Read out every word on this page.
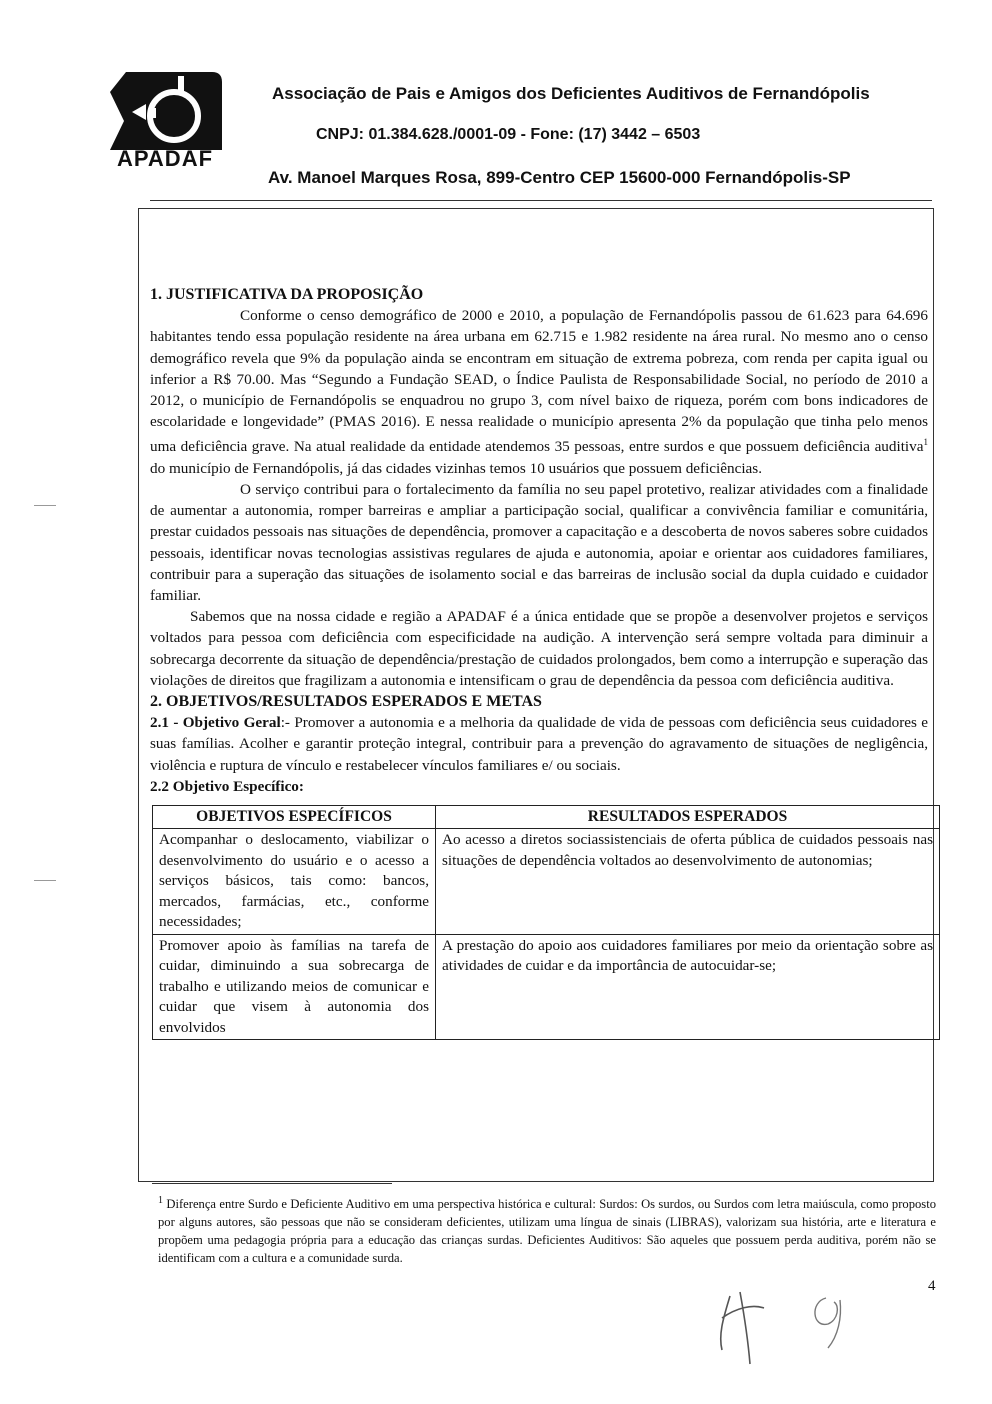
APADAF
Associação de Pais e Amigos dos Deficientes Auditivos de Fernandópolis
CNPJ: 01.384.628./0001-09 - Fone: (17) 3442 – 6503
Av. Manoel Marques Rosa, 899-Centro CEP 15600-000 Fernandópolis-SP

1. JUSTIFICATIVA DA PROPOSIÇÃO

Conforme o censo demográfico de 2000 e 2010, a população de Fernandópolis passou de 61.623 para 64.696 habitantes tendo essa população residente na área urbana em 62.715 e 1.982 residente na área rural. No mesmo ano o censo demográfico revela que 9% da população ainda se encontram em situação de extrema pobreza, com renda per capita igual ou inferior a R$ 70.00. Mas “Segundo a Fundação SEAD, o Índice Paulista de Responsabilidade Social, no período de 2010 a 2012, o município de Fernandópolis se enquadrou no grupo 3, com nível baixo de riqueza, porém com bons indicadores de escolaridade e longevidade” (PMAS 2016). E nessa realidade o município apresenta 2% da população que tinha pelo menos uma deficiência grave. Na atual realidade da entidade atendemos 35 pessoas, entre surdos e que possuem deficiência auditiva$^1$ do município de Fernandópolis, já das cidades vizinhas temos 10 usuários que possuem deficiências.

O serviço contribui para o fortalecimento da família no seu papel protetivo, realizar atividades com a finalidade de aumentar a autonomia, romper barreiras e ampliar a participação social, qualificar a convivência familiar e comunitária, prestar cuidados pessoais nas situações de dependência, promover a capacitação e a descoberta de novos saberes sobre cuidados pessoais, identificar novas tecnologias assistivas regulares de ajuda e autonomia, apoiar e orientar aos cuidadores familiares, contribuir para a superação das situações de isolamento social e das barreiras de inclusão social da dupla cuidado e cuidador familiar.

Sabemos que na nossa cidade e região a APADAF é a única entidade que se propõe a desenvolver projetos e serviços voltados para pessoa com deficiência com especificidade na audição. A intervenção será sempre voltada para diminuir a sobrecarga decorrente da situação de dependência/prestação de cuidados prolongados, bem como a interrupção e superação das violações de direitos que fragilizam a autonomia e intensificam o grau de dependência da pessoa com deficiência auditiva.

2. OBJETIVOS/RESULTADOS ESPERADOS E METAS

2.1 - Objetivo Geral:- Promover a autonomia e a melhoria da qualidade de vida de pessoas com deficiência seus cuidadores e suas famílias. Acolher e garantir proteção integral, contribuir para a prevenção do agravamento de situações de negligência, violência e ruptura de vínculo e restabelecer vínculos familiares e/ ou sociais.

2.2 Objetivo Específico:

OBJETIVOS ESPECÍFICOS	RESULTADOS ESPERADOS
Acompanhar o deslocamento, viabilizar o desenvolvimento do usuário e o acesso a serviços básicos, tais como: bancos, mercados, farmácias, etc., conforme necessidades;	Ao acesso a diretos sociassistenciais de oferta pública de cuidados pessoais nas situações de dependência voltados ao desenvolvimento de autonomias;
Promover apoio às famílias na tarefa de cuidar, diminuindo a sua sobrecarga de trabalho e utilizando meios de comunicar e cuidar que visem à autonomia dos envolvidos	A prestação do apoio aos cuidadores familiares por meio da orientação sobre as atividades de cuidar e da importância de autocuidar-se;
$^1$ Diferença entre Surdo e Deficiente Auditivo em uma perspectiva histórica e cultural: Surdos: Os surdos, ou Surdos com letra maiúscula, como proposto por alguns autores, são pessoas que não se consideram deficientes, utilizam uma língua de sinais (LIBRAS), valorizam sua história, arte e literatura e propõem uma pedagogia própria para a educação das crianças surdas. Deficientes Auditivos: São aqueles que possuem perda auditiva, porém não se identificam com a cultura e a comunidade surda.
4
